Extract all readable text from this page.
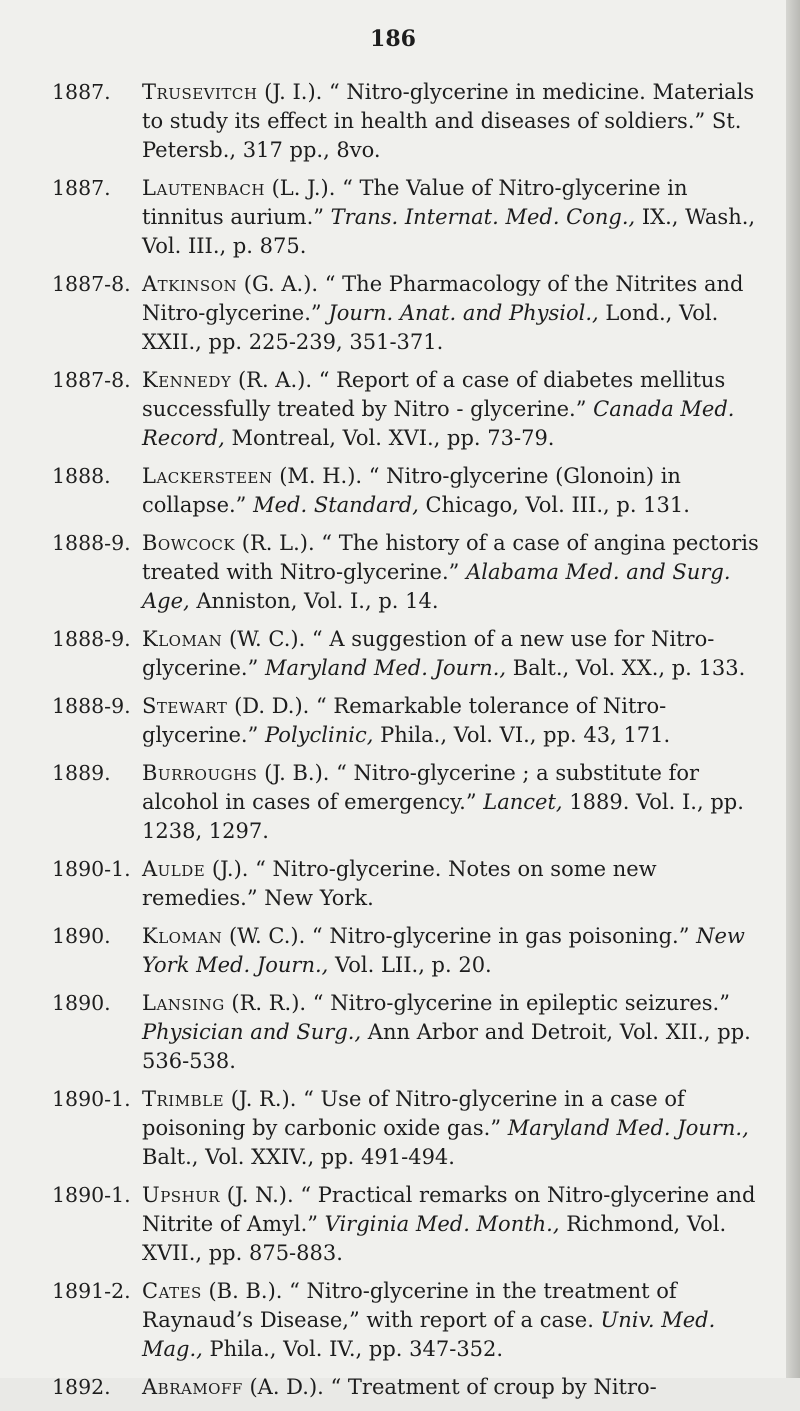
186
1887. Trusevitch (J. I.). “ Nitro-glycerine in medicine. Materials to study its effect in health and diseases of soldiers.” St. Petersb., 317 pp., 8vo.
1887. Lautenbach (L. J.). “ The Value of Nitro-glycerine in tinnitus aurium.” Trans. Internat. Med. Cong., IX., Wash., Vol. III., p. 875.
1887-8. Atkinson (G. A.). “ The Pharmacology of the Nitrites and Nitro-glycerine.” Journ. Anat. and Physiol., Lond., Vol. XXII., pp. 225-239, 351-371.
1887-8. Kennedy (R. A.). “ Report of a case of diabetes mellitus successfully treated by Nitro - glycerine.” Canada Med. Record, Montreal, Vol. XVI., pp. 73-79.
1888. Lackersteen (M. H.). “ Nitro-glycerine (Glonoin) in collapse.” Med. Standard, Chicago, Vol. III., p. 131.
1888-9. Bowcock (R. L.). “ The history of a case of angina pectoris treated with Nitro-glycerine.” Alabama Med. and Surg. Age, Anniston, Vol. I., p. 14.
1888-9. Kloman (W. C.). “ A suggestion of a new use for Nitro-glycerine.” Maryland Med. Journ., Balt., Vol. XX., p. 133.
1888-9. Stewart (D. D.). “ Remarkable tolerance of Nitro-glycerine.” Polyclinic, Phila., Vol. VI., pp. 43, 171.
1889. Burroughs (J. B.). “ Nitro-glycerine ; a substitute for alcohol in cases of emergency.” Lancet, 1889. Vol. I., pp. 1238, 1297.
1890-1. Aulde (J.). “ Nitro-glycerine. Notes on some new remedies.” New York.
1890. Kloman (W. C.). “ Nitro-glycerine in gas poisoning.” New York Med. Journ., Vol. LII., p. 20.
1890. Lansing (R. R.). “ Nitro-glycerine in epileptic seizures.” Physician and Surg., Ann Arbor and Detroit, Vol. XII., pp. 536-538.
1890-1. Trimble (J. R.). “ Use of Nitro-glycerine in a case of poisoning by carbonic oxide gas.” Maryland Med. Journ., Balt., Vol. XXIV., pp. 491-494.
1890-1. Upshur (J. N.). “ Practical remarks on Nitro-glycerine and Nitrite of Amyl.” Virginia Med. Month., Richmond, Vol. XVII., pp. 875-883.
1891-2. Cates (B. B.). “ Nitro-glycerine in the treatment of Raynaud’s Disease,” with report of a case. Univ. Med. Mag., Phila., Vol. IV., pp. 347-352.
1892. Abramoff (A. D.). “ Treatment of croup by Nitro-
